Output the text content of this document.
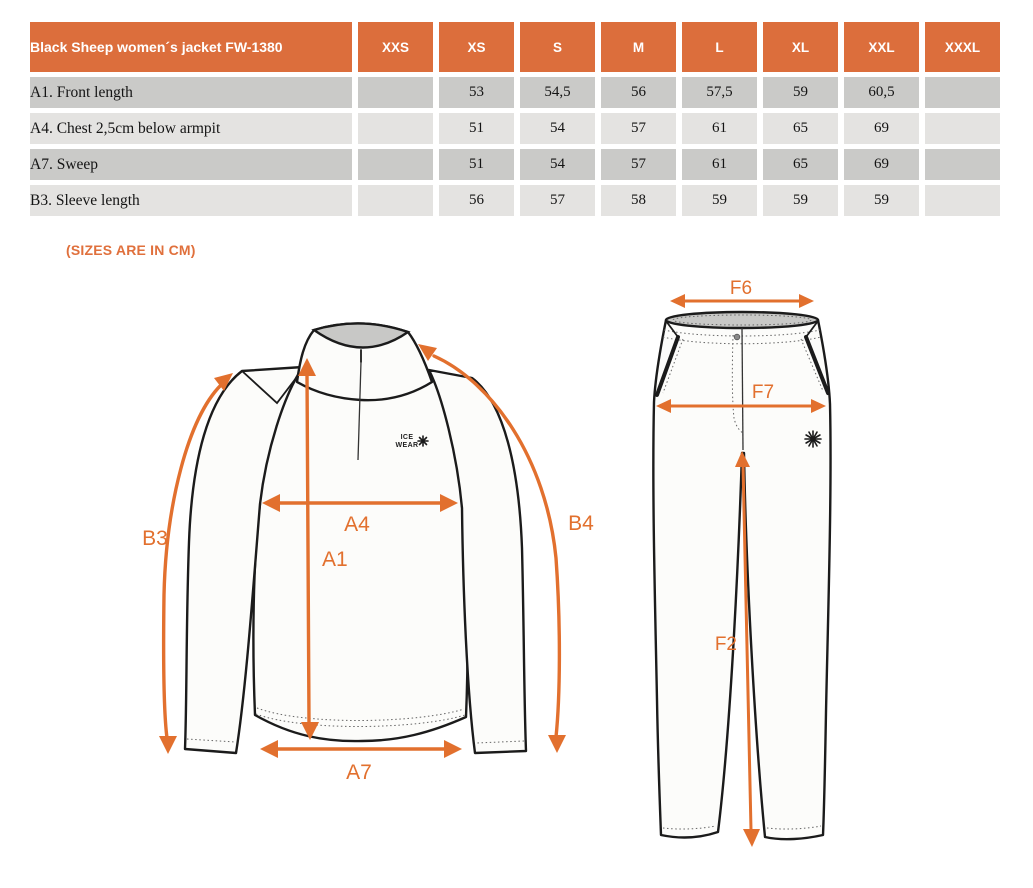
Black Sheep women´s jacket FW-1380	XXS	XS	S	M	L	XL	XXL	XXXL
A1. Front length		53	54,5	56	57,5	59	60,5	
A4. Chest 2,5cm below armpit		51	54	57	61	65	69	
A7. Sweep		51	54	57	61	65	69	
B3. Sleeve length		56	57	58	59	59	59	
(SIZES ARE IN CM)
ICE
WEAR
B3
B4
A4
A1
A7
F6
F7
F2
